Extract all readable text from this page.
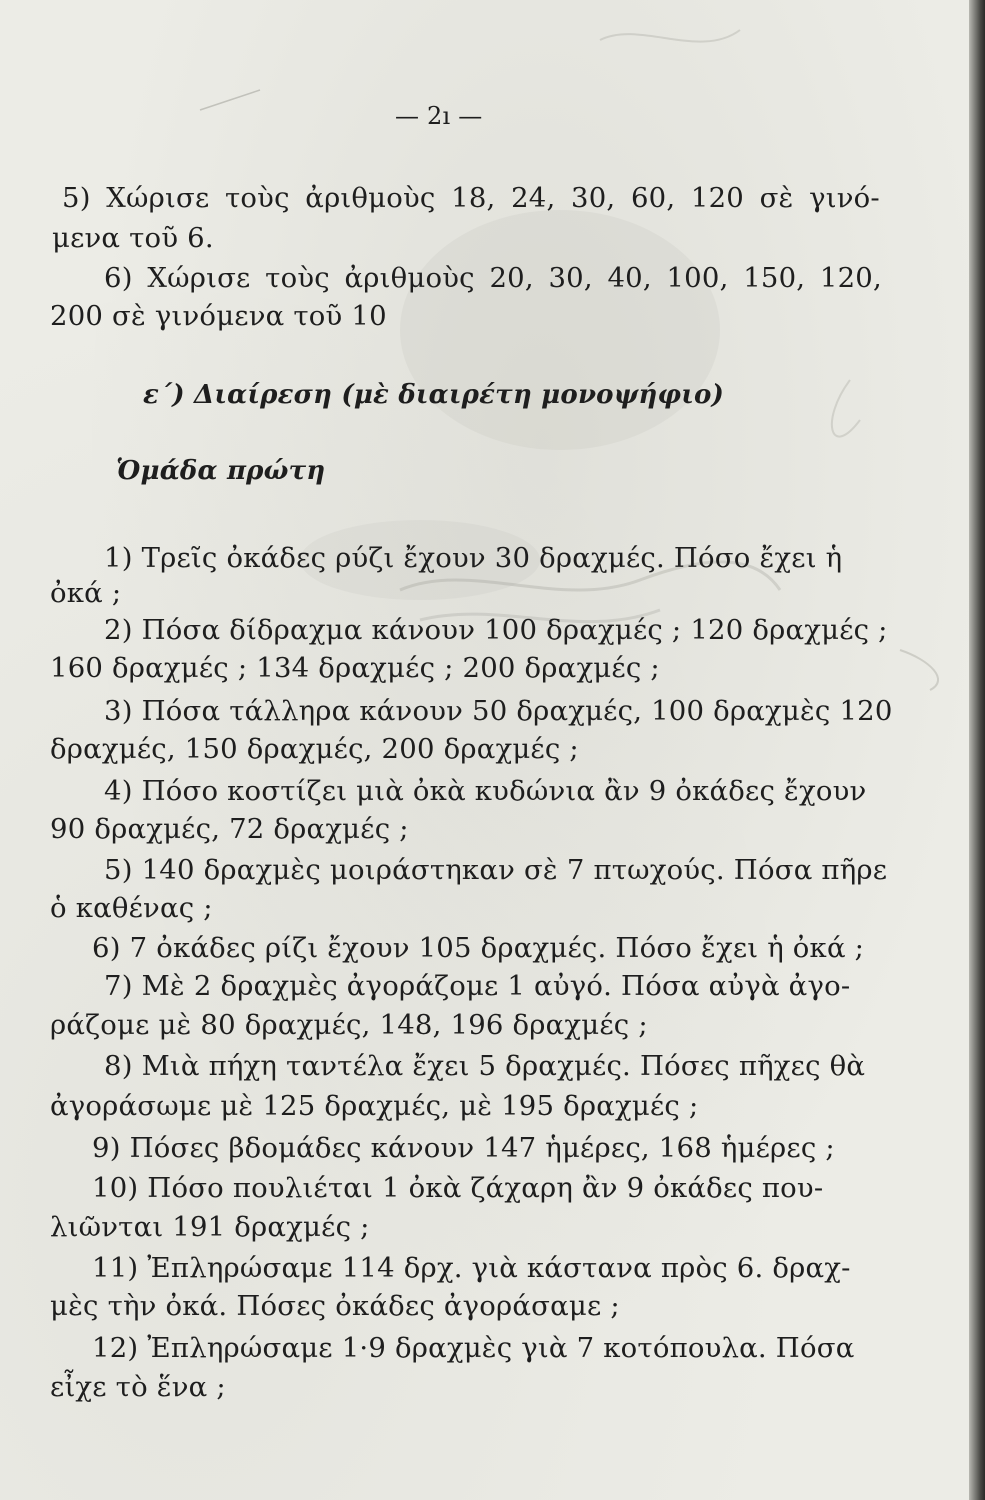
— 2ı —
5) Χώρισε τοὺς ἀριθμοὺς 18, 24, 30, 60, 120 σὲ γινό-
μενα τοῦ 6.
6) Χώρισε τοὺς ἀριθμοὺς 20, 30, 40, 100, 150, 120,
200 σὲ γινόμενα τοῦ 10
ε΄) Διαίρεση (μὲ διαιρέτη μονοψήφιο)
Ὁμάδα πρώτη
1) Τρεῖς ὀκάδες ρύζι ἔχουν 30 δραχμές. Πόσο ἔχει ἡ
ὀκά ;
2) Πόσα δίδραχμα κάνουν 100 δραχμές ; 120 δραχμές ;
160 δραχμές ; 134 δραχμές ; 200 δραχμές ;
3) Πόσα τάλληρα κάνουν 50 δραχμές, 100 δραχμὲς 120
δραχμές, 150 δραχμές, 200 δραχμές ;
4) Πόσο κοστίζει μιὰ ὀκὰ κυδώνια ἂν 9 ὀκάδες ἔχουν
90 δραχμές, 72 δραχμές ;
5) 140 δραχμὲς μοιράστηκαν σὲ 7 πτωχούς. Πόσα πῆρε
ὁ καθένας ;
6) 7 ὀκάδες ρίζι ἔχουν 105 δραχμές. Πόσο ἔχει ἡ ὀκά ;
7) Μὲ 2 δραχμὲς ἀγοράζομε 1 αὐγό. Πόσα αὐγὰ ἀγο-
ράζομε μὲ 80 δραχμές, 148, 196 δραχμές ;
8) Μιὰ πήχη ταντέλα ἔχει 5 δραχμές. Πόσες πῆχες θὰ
ἀγοράσωμε μὲ 125 δραχμές, μὲ 195 δραχμές ;
9) Πόσες βδομάδες κάνουν 147 ἡμέρες, 168 ἡμέρες ;
10) Πόσο πουλιέται 1 ὀκὰ ζάχαρη ἂν 9 ὀκάδες που-
λιῶνται 191 δραχμές ;
11) Ἐπληρώσαμε 114 δρχ. γιὰ κάστανα πρὸς 6. δραχ-
μὲς τὴν ὀκά. Πόσες ὀκάδες ἀγοράσαμε ;
12) Ἐπληρώσαμε 1·9 δραχμὲς γιὰ 7 κοτόπουλα. Πόσα
εἶχε τὸ ἕνα ;
